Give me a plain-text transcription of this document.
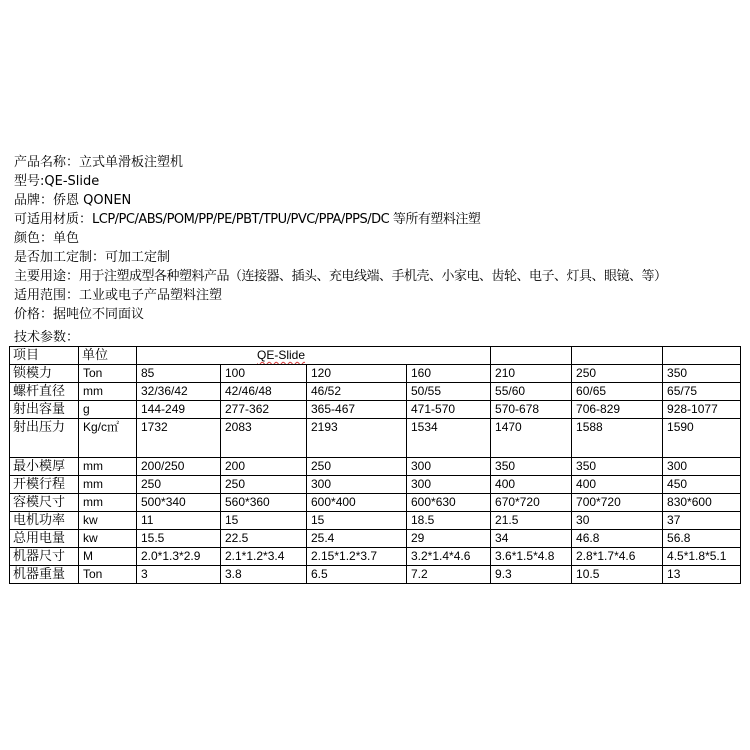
产品名称：立式单滑板注塑机
型号:QE-Slide
品牌：侨恩 QONEN
可适用材质：LCP/PC/ABS/POM/PP/PE/PBT/TPU/PVC/PPA/PPS/DC 等所有塑料注塑
颜色：单色
是否加工定制：可加工定制
主要用途：用于注塑成型各种塑料产品（连接器、插头、充电线端、手机壳、小家电、齿轮、电子、灯具、眼镜、等）
适用范围：工业或电子产品塑料注塑
价格：据吨位不同面议
技术参数：
项目	单位	QE-Slide						
锁模力	Ton	85	100	120	160	210	250	350
螺杆直径	mm	32/36/42	42/46/48	46/52	50/55	55/60	60/65	65/75
射出容量	g	144-249	277-362	365-467	471-570	570-678	706-829	928-1077
射出压力	Kg/c㎡	1732	2083	2193	1534	1470	1588	1590
最小模厚	mm	200/250	200	250	300	350	350	300
开模行程	mm	250	250	300	300	400	400	450
容模尺寸	mm	500*340	560*360	600*400	600*630	670*720	700*720	830*600
电机功率	kw	11	15	15	18.5	21.5	30	37
总用电量	kw	15.5	22.5	25.4	29	34	46.8	56.8
机器尺寸	M	2.0*1.3*2.9	2.1*1.2*3.4	2.15*1.2*3.7	3.2*1.4*4.6	3.6*1.5*4.8	2.8*1.7*4.6	4.5*1.8*5.1
机器重量	Ton	3	3.8	6.5	7.2	9.3	10.5	13
